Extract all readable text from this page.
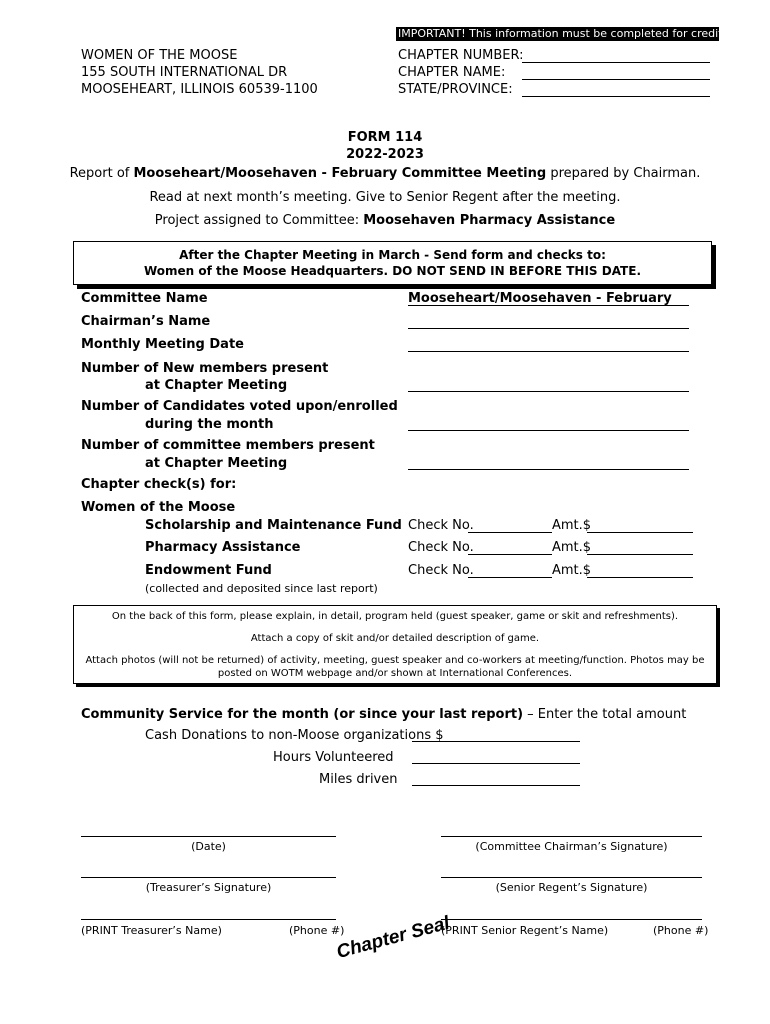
IMPORTANT! This information must be completed for credit!
WOMEN OF THE MOOSE
155 SOUTH INTERNATIONAL DR
MOOSEHEART, ILLINOIS 60539-1100
CHAPTER NUMBER:
CHAPTER NAME:
STATE/PROVINCE:
FORM 114
2022-2023
Report of Mooseheart/Moosehaven - February Committee Meeting prepared by Chairman.
Read at next month’s meeting. Give to Senior Regent after the meeting.
Project assigned to Committee: Moosehaven Pharmacy Assistance
After the Chapter Meeting in March - Send form and checks to:
Women of the Moose Headquarters. DO NOT SEND IN BEFORE THIS DATE.
Committee Name	Mooseheart/Moosehaven - February
Chairman’s Name
Monthly Meeting Date
Number of New members present
at Chapter Meeting
Number of Candidates voted upon/enrolled
during the month
Number of committee members present
at Chapter Meeting
Chapter check(s) for:
Women of the Moose
Scholarship and Maintenance Fund Check No.	Amt.$
Pharmacy Assistance	Check No.	Amt.$
Endowment Fund	Check No.	Amt.$
(collected and deposited since last report)
On the back of this form, please explain, in detail, program held (guest speaker, game or skit and refreshments).
Attach a copy of skit and/or detailed description of game.
Attach photos (will not be returned) of activity, meeting, guest speaker and co-workers at meeting/function. Photos may be
posted on WOTM webpage and/or shown at International Conferences.
Community Service for the month (or since your last report) – Enter the total amount
Cash Donations to non-Moose organizations $
Hours Volunteered
Miles driven
(Date)	(Committee Chairman’s Signature)
(Treasurer’s Signature)	(Senior Regent’s Signature)
(PRINT Treasurer’s Name)	(Phone #)	(PRINT Senior Regent’s Name)	(Phone #)
Chapter Seal
